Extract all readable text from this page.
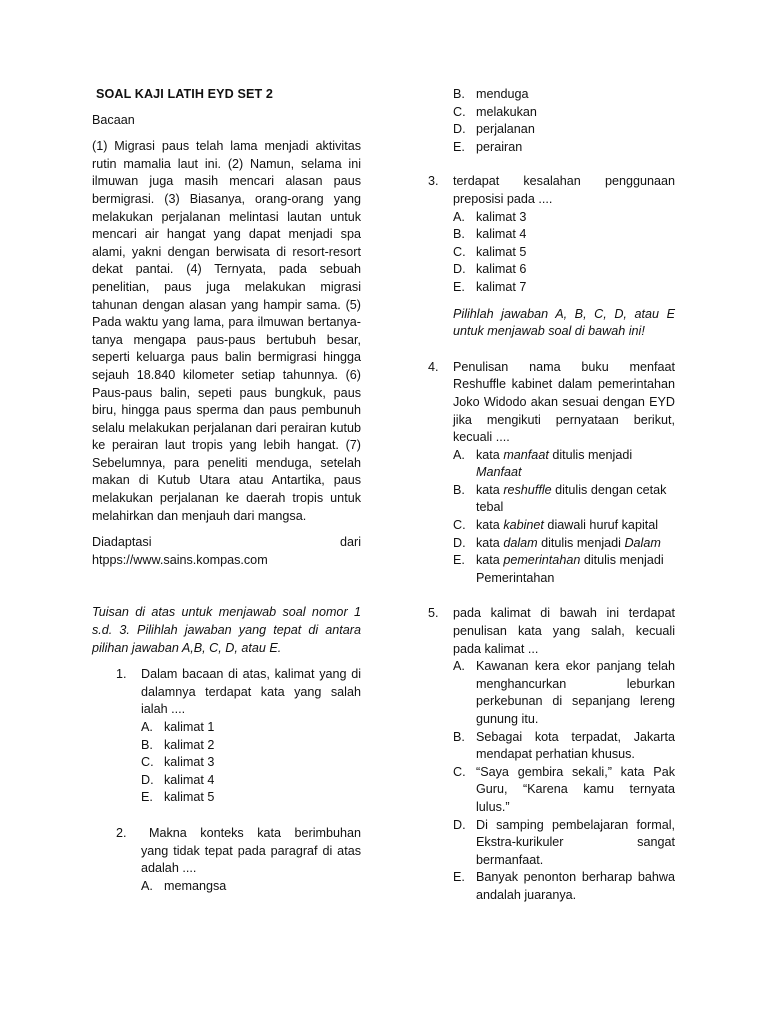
SOAL KAJI LATIH EYD SET 2

Bacaan

(1) Migrasi paus telah lama menjadi aktivitas rutin mamalia laut ini. (2) Namun, selama ini ilmuwan juga masih mencari alasan paus bermigrasi. (3) Biasanya, orang-orang yang melakukan perjalanan melintasi lautan untuk mencari air hangat yang dapat menjadi spa alami, yakni dengan berwisata di resort-resort dekat pantai. (4) Ternyata, pada sebuah penelitian, paus juga melakukan migrasi tahunan dengan alasan yang hampir sama. (5) Pada waktu yang lama, para ilmuwan bertanya-tanya mengapa paus-paus bertubuh besar, seperti keluarga paus balin bermigrasi hingga sejauh 18.840 kilometer setiap tahunnya. (6) Paus-paus balin, sepeti paus bungkuk, paus biru, hingga paus sperma dan paus pembunuh selalu melakukan perjalanan dari perairan kutub ke perairan laut tropis yang lebih hangat. (7) Sebelumnya, para peneliti menduga, setelah makan di Kutub Utara atau Antartika, paus melakukan perjalanan ke daerah tropis untuk melahirkan dan menjauh dari mangsa.

Diadaptasi	dari
htpps://www.sains.kompas.com

Tuisan di atas untuk menjawab soal nomor 1 s.d. 3. Pilihlah jawaban yang tepat di antara pilihan jawaban A,B, C, D, atau E.

1.	Dalam bacaan di atas, kalimat yang di dalamnya terdapat kata yang salah ialah ....

A. kalimat 1
B. kalimat 2
C. kalimat 3
D. kalimat 4
E. kalimat 5
2.	Makna konteks kata berimbuhan yang tidak tepat pada paragraf di atas adalah ....

A. memangsa
B. menduga
C. melakukan
D. perjalanan
E. perairan
3.	terdapat kesalahan penggunaan

preposisi pada ....

A. kalimat 3
B. kalimat 4
C. kalimat 5
D. kalimat 6
E. kalimat 7

Pilihlah jawaban A, B, C, D, atau E untuk menjawab soal di bawah ini!

4.	Penulisan nama buku menfaat Reshuffle kabinet dalam pemerintahan Joko Widodo akan sesuai dengan EYD jika mengikuti pernyataan berikut, kecuali ....

A. kata manfaat ditulis menjadi Manfaat
B. kata reshuffle ditulis dengan cetak tebal
C. kata kabinet diawali huruf kapital
D. kata dalam ditulis menjadi Dalam
E. kata pemerintahan ditulis menjadi Pemerintahan
5.	pada kalimat di bawah ini terdapat penulisan kata yang salah, kecuali pada kalimat ...

A. Kawanan kera ekor panjang telah menghancurkan leburkan perkebunan di sepanjang lereng gunung itu.
B. Sebagai kota terpadat, Jakarta mendapat perhatian khusus.
C. “Saya gembira sekali,” kata Pak Guru, “Karena kamu ternyata lulus.”
D. Di samping pembelajaran formal, Ekstra-kurikuler sangat bermanfaat.
E. Banyak penonton berharap bahwa andalah juaranya.
